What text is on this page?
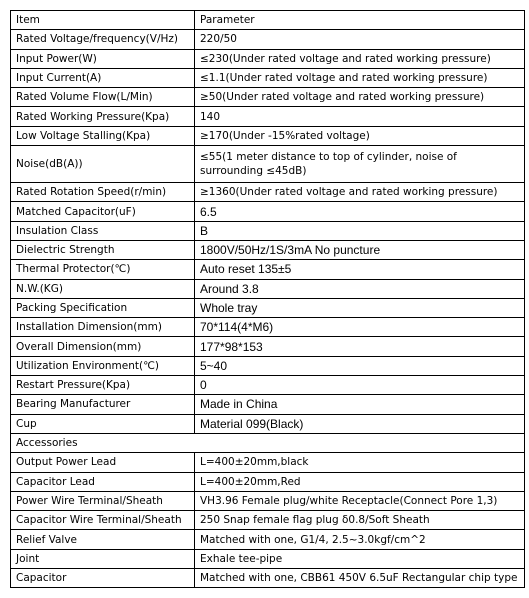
Item	Parameter
Rated Voltage/frequency(V/Hz)	220/50
Input Power(W)	≤230(Under rated voltage and rated working pressure)
Input Current(A)	≤1.1(Under rated voltage and rated working pressure)
Rated Volume Flow(L/Min)	≥50(Under rated voltage and rated working pressure)
Rated Working Pressure(Kpa)	140
Low Voltage Stalling(Kpa)	≥170(Under -15%rated voltage)
Noise(dB(A))	≤55(1 meter distance to top of cylinder, noise of surrounding ≤45dB)
Rated Rotation Speed(r/min)	≥1360(Under rated voltage and rated working pressure)
Matched Capacitor(uF)	6.5
Insulation Class	B
Dielectric Strength	1800V/50Hz/1S/3mA No puncture
Thermal Protector(℃)	Auto reset 135±5
N.W.(KG)	Around 3.8
Packing Specification	Whole tray
Installation Dimension(mm)	70*114(4*M6)
Overall Dimension(mm)	177*98*153
Utilization Environment(℃)	5~40
Restart Pressure(Kpa)	0
Bearing Manufacturer	Made in China
Cup	Material 099(Black)
Accessories	
Output Power Lead	L=400±20mm,black
Capacitor Lead	L=400±20mm,Red
Power Wire Terminal/Sheath	VH3.96 Female plug/white Receptacle(Connect Pore 1,3)
Capacitor Wire Terminal/Sheath	250 Snap female flag plug δ0.8/Soft Sheath
Relief Valve	Matched with one, G1/4, 2.5~3.0kgf/cm^2
Joint	Exhale tee-pipe
Capacitor	Matched with one, CBB61 450V 6.5uF Rectangular chip type
